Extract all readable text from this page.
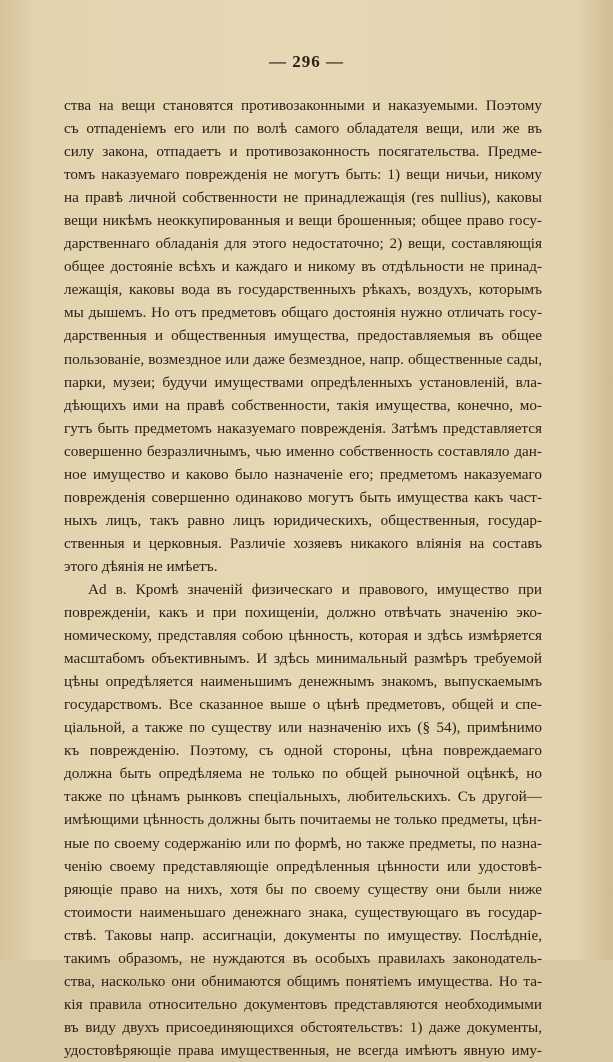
— 296 —
ства на вещи становятся противозаконными и наказуемыми. Поэтому
съ отпаденіемъ его или по волѣ самого обладателя вещи, или же въ
силу закона, отпадаетъ и противозаконность посягательства. Предме-
томъ наказуемаго поврежденія не могутъ быть: 1) вещи ничьи, никому
на правѣ личной собственности не принадлежащія (res nullius), каковы
вещи никѣмъ неоккупированныя и вещи брошенныя; общее право госу-
дарственнаго обладанія для этого недостаточно; 2) вещи, составляющія
общее достояніе всѣхъ и каждаго и никому въ отдѣльности не принад-
лежащія, каковы вода въ государственныхъ рѣкахъ, воздухъ, которымъ
мы дышемъ. Но отъ предметовъ общаго достоянія нужно отличать госу-
дарственныя и общественныя имущества, предоставляемыя въ общее
пользованіе, возмездное или даже безмездное, напр. общественные сады,
парки, музеи; будучи имуществами опредѣленныхъ установленій, вла-
дѣющихъ ими на правѣ собственности, такія имущества, конечно, мо-
гутъ быть предметомъ наказуемаго поврежденія. Затѣмъ представляется
совершенно безразличнымъ, чью именно собственность составляло дан-
ное имущество и каково было назначеніе его; предметомъ наказуемаго
поврежденія совершенно одинаково могутъ быть имущества какъ част-
ныхъ лицъ, такъ равно лицъ юридическихъ, общественныя, государ-
ственныя и церковныя. Различіе хозяевъ никакого вліянія на составъ
этого дѣянія не имѣетъ.
Ad в. Кромѣ значеній физическаго и правового, имущество при
поврежденіи, какъ и при похищеніи, должно отвѣчать значенію эко-
номическому, представляя собою цѣнность, которая и здѣсь измѣряется
масштабомъ объективнымъ. И здѣсь минимальный размѣръ требуемой
цѣны опредѣляется наименьшимъ денежнымъ знакомъ, выпускаемымъ
государствомъ. Все сказанное выше о цѣнѣ предметовъ, общей и спе-
ціальной, а также по существу или назначенію ихъ (§ 54), примѣнимо
къ поврежденію. Поэтому, съ одной стороны, цѣна повреждаемаго
должна быть опредѣляема не только по общей рыночной оцѣнкѣ, но
также по цѣнамъ рынковъ спеціальныхъ, любительскихъ. Съ другой—
имѣющими цѣнность должны быть почитаемы не только предметы, цѣн-
ные по своему содержанію или по формѣ, но также предметы, по назна-
ченію своему представляющіе опредѣленныя цѣнности или удостовѣ-
ряющіе право на нихъ, хотя бы по своему существу они были ниже
стоимости наименьшаго денежнаго знака, существующаго въ государ-
ствѣ. Таковы напр. ассигнаціи, документы по имуществу. Послѣдніе,
такимъ образомъ, не нуждаются въ особыхъ правилахъ законодатель-
ства, насколько они обнимаются общимъ понятіемъ имущества. Но та-
кія правила относительно документовъ представляются необходимыми
въ виду двухъ присоединяющихся обстоятельствъ: 1) даже документы,
удостовѣряющіе права имущественныя, не всегда имѣютъ явную иму-
